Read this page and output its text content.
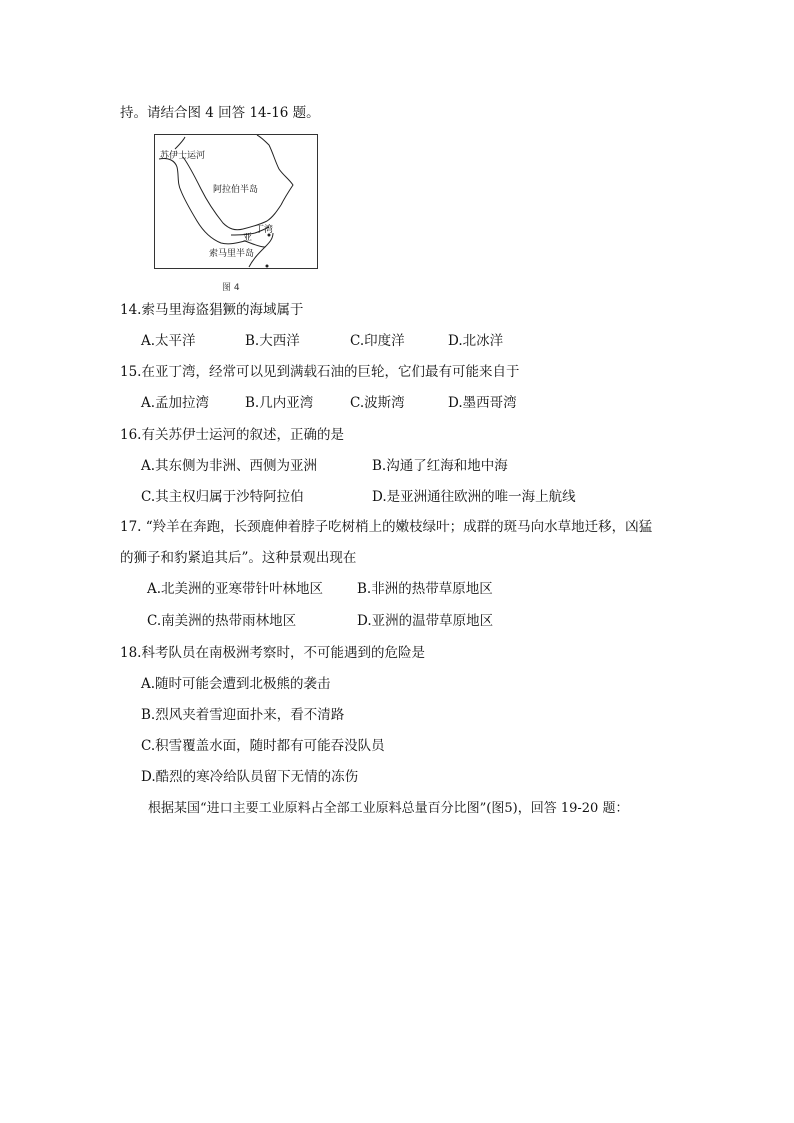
持。请结合图 4 回答 14-16 题。
苏伊士运河
阿拉伯半岛
亚
丁湾
索马里半岛
图 4
14.索马里海盗猖獗的海域属于
A.太平洋	B.大西洋	C.印度洋	D.北冰洋
15.在亚丁湾，经常可以见到满载石油的巨轮，它们最有可能来自于
A.孟加拉湾	B.几内亚湾	C.波斯湾	D.墨西哥湾
16.有关苏伊士运河的叙述，正确的是
A.其东侧为非洲、西侧为亚洲	B.沟通了红海和地中海
C.其主权归属于沙特阿拉伯	D.是亚洲通往欧洲的唯一海上航线
17. “羚羊在奔跑，长颈鹿伸着脖子吃树梢上的嫩枝绿叶；成群的斑马向水草地迁移，凶猛
的狮子和豹紧追其后”。这种景观出现在
A.北美洲的亚寒带针叶林地区	B.非洲的热带草原地区
C.南美洲的热带雨林地区	D.亚洲的温带草原地区
18.科考队员在南极洲考察时，不可能遇到的危险是
A.随时可能会遭到北极熊的袭击
B.烈风夹着雪迎面扑来，看不清路
C.积雪覆盖水面，随时都有可能吞没队员
D.酷烈的寒冷给队员留下无情的冻伤
根据某国“进口主要工业原料占全部工业原料总量百分比图”(图5)，回答 19-20 题：
